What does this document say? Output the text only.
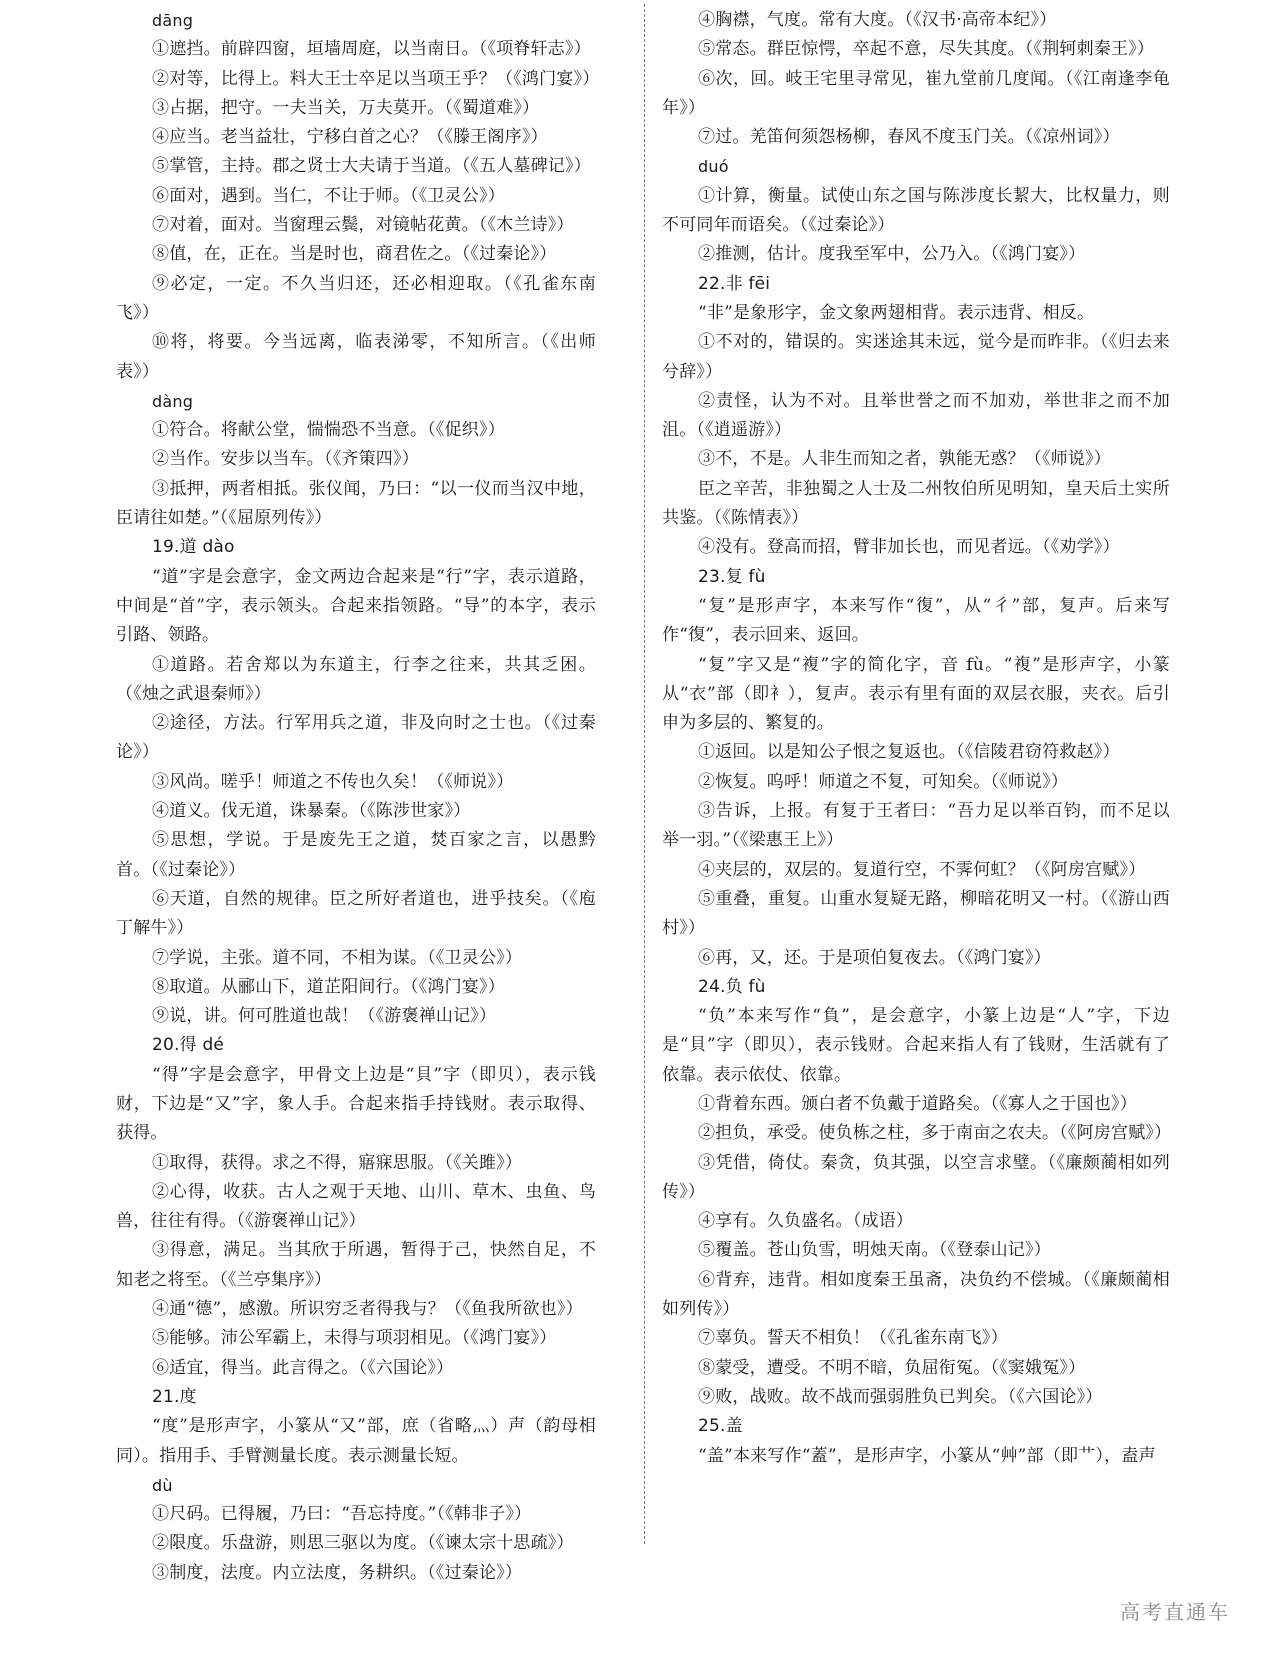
dāng

①遮挡。前辟四窗，垣墙周庭，以当南日。（《项脊轩志》）

②对等，比得上。料大王士卒足以当项王乎？（《鸿门宴》）

③占据，把守。一夫当关，万夫莫开。（《蜀道难》）

④应当。老当益壮，宁移白首之心？（《滕王阁序》）

⑤掌管，主持。郡之贤士大夫请于当道。（《五人墓碑记》）

⑥面对，遇到。当仁，不让于师。（《卫灵公》）

⑦对着，面对。当窗理云鬓，对镜帖花黄。（《木兰诗》）

⑧值，在，正在。当是时也，商君佐之。（《过秦论》）

⑨必定，一定。不久当归还，还必相迎取。（《孔雀东南飞》）

⑩将，将要。今当远离，临表涕零，不知所言。（《出师表》）

dàng

①符合。将献公堂，惴惴恐不当意。（《促织》）

②当作。安步以当车。（《齐策四》）

③抵押，两者相抵。张仪闻，乃曰：“以一仪而当汉中地，臣请往如楚。”（《屈原列传》）

19.道 dào

“道”字是会意字，金文两边合起来是“行”字，表示道路，中间是“首”字，表示领头。合起来指领路。“导”的本字，表示引路、领路。

①道路。若舍郑以为东道主，行李之往来，共其乏困。（《烛之武退秦师》）

②途径，方法。行军用兵之道，非及向时之士也。（《过秦论》）

③风尚。嗟乎！师道之不传也久矣！（《师说》）

④道义。伐无道，诛暴秦。（《陈涉世家》）

⑤思想，学说。于是废先王之道，焚百家之言，以愚黔首。（《过秦论》）

⑥天道，自然的规律。臣之所好者道也，进乎技矣。（《庖丁解牛》）

⑦学说，主张。道不同，不相为谋。（《卫灵公》）

⑧取道。从郦山下，道芷阳间行。（《鸿门宴》）

⑨说，讲。何可胜道也哉！（《游褒禅山记》）

20.得 dé

“得”字是会意字，甲骨文上边是“貝”字（即贝），表示钱财，下边是“又”字，象人手。合起来指手持钱财。表示取得、获得。

①取得，获得。求之不得，寤寐思服。（《关雎》）

②心得，收获。古人之观于天地、山川、草木、虫鱼、鸟兽，往往有得。（《游褒禅山记》）

③得意，满足。当其欣于所遇，暂得于己，快然自足，不知老之将至。（《兰亭集序》）

④通“德”，感激。所识穷乏者得我与？（《鱼我所欲也》）

⑤能够。沛公军霸上，未得与项羽相见。（《鸿门宴》）

⑥适宜，得当。此言得之。（《六国论》）

21.度

“度”是形声字，小篆从“又”部，庶（省略灬）声（韵母相同）。指用手、手臂测量长度。表示测量长短。

dù

①尺码。已得履，乃曰：“吾忘持度。”（《韩非子》）

②限度。乐盘游，则思三驱以为度。（《谏太宗十思疏》）

③制度，法度。内立法度，务耕织。（《过秦论》）

④胸襟，气度。常有大度。（《汉书·高帝本纪》）

⑤常态。群臣惊愕，卒起不意，尽失其度。（《荆轲刺秦王》）

⑥次，回。岐王宅里寻常见，崔九堂前几度闻。（《江南逢李龟年》）

⑦过。羌笛何须怨杨柳，春风不度玉门关。（《凉州词》）

duó

①计算，衡量。试使山东之国与陈涉度长絜大，比权量力，则不可同年而语矣。（《过秦论》）

②推测，估计。度我至军中，公乃入。（《鸿门宴》）

22.非 fēi

“非”是象形字，金文象两翅相背。表示违背、相反。

①不对的，错误的。实迷途其未远，觉今是而昨非。（《归去来兮辞》）

②责怪，认为不对。且举世誉之而不加劝，举世非之而不加沮。（《逍遥游》）

③不，不是。人非生而知之者，孰能无惑？（《师说》）

臣之辛苦，非独蜀之人士及二州牧伯所见明知，皇天后土实所共鉴。（《陈情表》）

④没有。登高而招，臂非加长也，而见者远。（《劝学》）

23.复 fù

“复”是形声字，本来写作“復”，从“彳”部，复声。后来写作“復”，表示回来、返回。

“复”字又是“複”字的简化字，音 fù。“複”是形声字，小篆从“衣”部（即衤），复声。表示有里有面的双层衣服，夹衣。后引申为多层的、繁复的。

①返回。以是知公子恨之复返也。（《信陵君窃符救赵》）

②恢复。呜呼！师道之不复，可知矣。（《师说》）

③告诉，上报。有复于王者曰：“吾力足以举百钧，而不足以举一羽。”（《梁惠王上》）

④夹层的，双层的。复道行空，不霁何虹？（《阿房宫赋》）

⑤重叠，重复。山重水复疑无路，柳暗花明又一村。（《游山西村》）

⑥再，又，还。于是项伯复夜去。（《鸿门宴》）

24.负 fù

“负”本来写作“負”，是会意字，小篆上边是“人”字，下边是“貝”字（即贝），表示钱财。合起来指人有了钱财，生活就有了依靠。表示依仗、依靠。

①背着东西。颁白者不负戴于道路矣。（《寡人之于国也》）

②担负，承受。使负栋之柱，多于南亩之农夫。（《阿房宫赋》）

③凭借，倚仗。秦贪，负其强，以空言求璧。（《廉颇蔺相如列传》）

④享有。久负盛名。（成语）

⑤覆盖。苍山负雪，明烛天南。（《登泰山记》）

⑥背弃，违背。相如度秦王虽斋，决负约不偿城。（《廉颇蔺相如列传》）

⑦辜负。誓天不相负！（《孔雀东南飞》）

⑧蒙受，遭受。不明不暗，负屈衔冤。（《窦娥冤》）

⑨败，战败。故不战而强弱胜负已判矣。（《六国论》）

25.盖

“盖”本来写作“蓋”，是形声字，小篆从“艸”部（即艹），盍声

高考直通车
